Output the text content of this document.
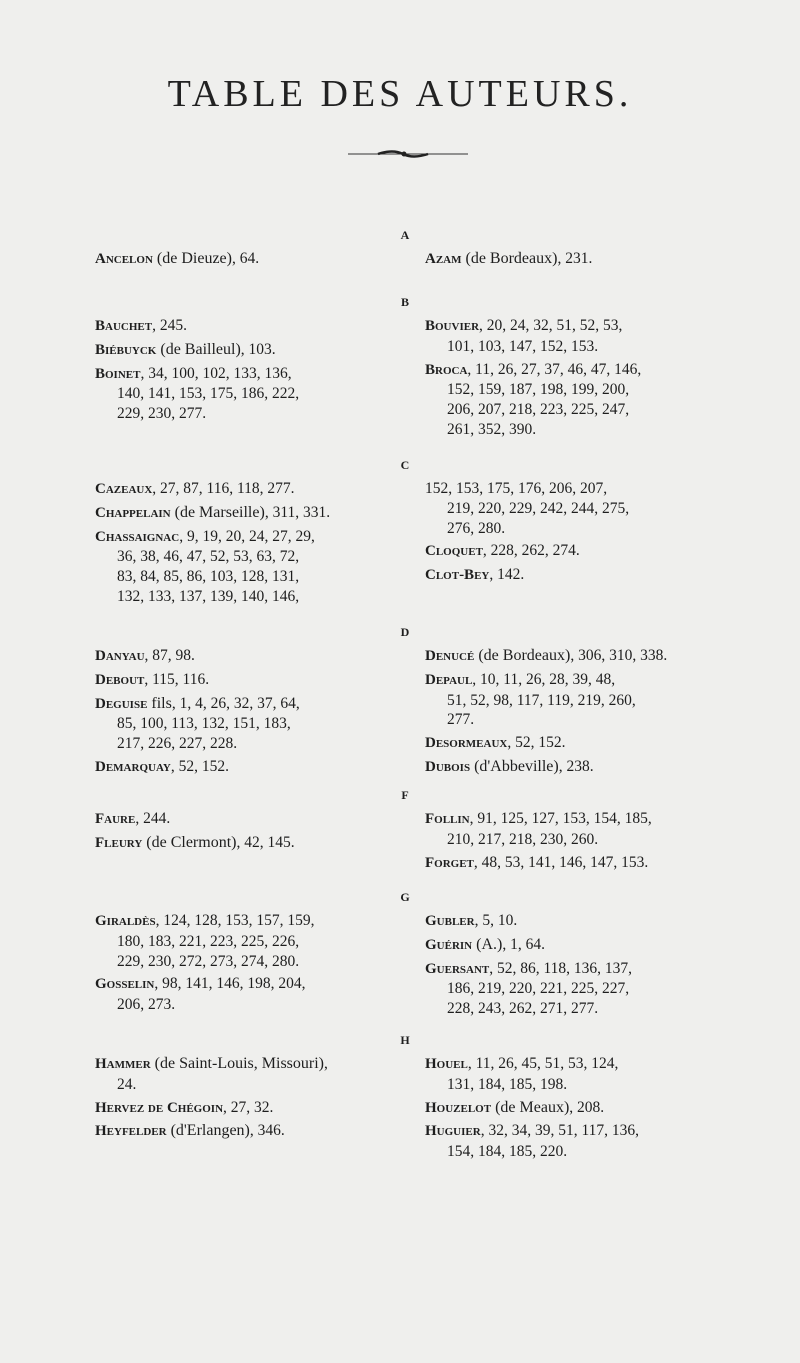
TABLE DES AUTEURS.
A
Ancelon (de Dieuze), 64.	Azam (de Bordeaux), 231.
B
Bauchet, 245.
Biébuyck (de Bailleul), 103.
Boinet, 34, 100, 102, 133, 136,
140, 141, 153, 175, 186, 222,
229, 230, 277.
Bouvier, 20, 24, 32, 51, 52, 53,
101, 103, 147, 152, 153.
Broca, 11, 26, 27, 37, 46, 47, 146,
152, 159, 187, 198, 199, 200,
206, 207, 218, 223, 225, 247,
261, 352, 390.
C
Cazeaux, 27, 87, 116, 118, 277.
Chappelain (de Marseille), 311, 331.
Chassaignac, 9, 19, 20, 24, 27, 29,
36, 38, 46, 47, 52, 53, 63, 72,
83, 84, 85, 86, 103, 128, 131,
132, 133, 137, 139, 140, 146,
152, 153, 175, 176, 206, 207,
219, 220, 229, 242, 244, 275,
276, 280.
Cloquet, 228, 262, 274.
Clot-Bey, 142.
D
Danyau, 87, 98.
Debout, 115, 116.
Deguise fils, 1, 4, 26, 32, 37, 64,
85, 100, 113, 132, 151, 183,
217, 226, 227, 228.
Demarquay, 52, 152.
Denucé (de Bordeaux), 306, 310, 338.
Depaul, 10, 11, 26, 28, 39, 48,
51, 52, 98, 117, 119, 219, 260,
277.
Desormeaux, 52, 152.
Dubois (d'Abbeville), 238.
F
Faure, 244.
Fleury (de Clermont), 42, 145.
Follin, 91, 125, 127, 153, 154, 185,
210, 217, 218, 230, 260.
Forget, 48, 53, 141, 146, 147, 153.
G
Giraldès, 124, 128, 153, 157, 159,
180, 183, 221, 223, 225, 226,
229, 230, 272, 273, 274, 280.
Gosselin, 98, 141, 146, 198, 204,
206, 273.
Gubler, 5, 10.
Guérin (A.), 1, 64.
Guersant, 52, 86, 118, 136, 137,
186, 219, 220, 221, 225, 227,
228, 243, 262, 271, 277.
H
Hammer (de Saint-Louis, Missouri),
24.
Hervez de Chégoin, 27, 32.
Heyfelder (d'Erlangen), 346.
Houel, 11, 26, 45, 51, 53, 124,
131, 184, 185, 198.
Houzelot (de Meaux), 208.
Huguier, 32, 34, 39, 51, 117, 136,
154, 184, 185, 220.
